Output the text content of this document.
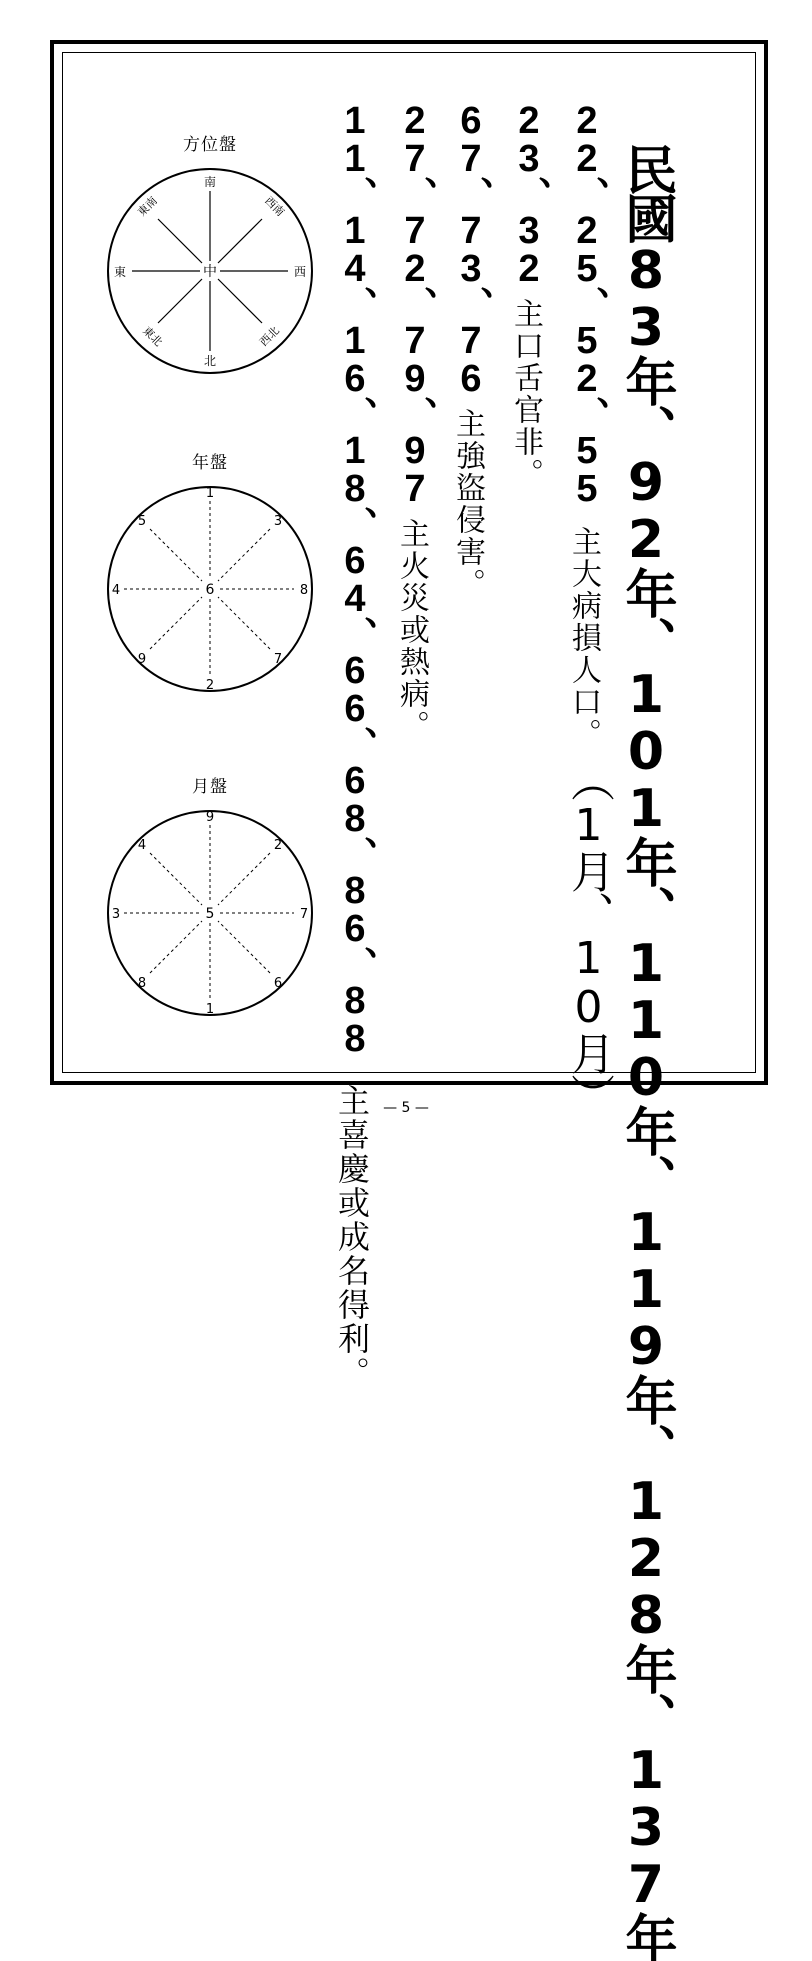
民國83年、92年、101年、110年、119年、128年、137年
（1月、10月）
22、25、52、55
主大病損人口。
23、32
主口舌官非。
67、73、76
主強盜侵害。
27、72、79、97
主火災或熱病。
11、14、16、18、64、66、68、86、88
主喜慶或成名得利。
方位盤
中
南
北
東	西
東南	西南
東北	西北
年盤
6
1
2
4	8
5	3
9	7
月盤
5
9
1
3	7
4	2
8	6
— 5 —
